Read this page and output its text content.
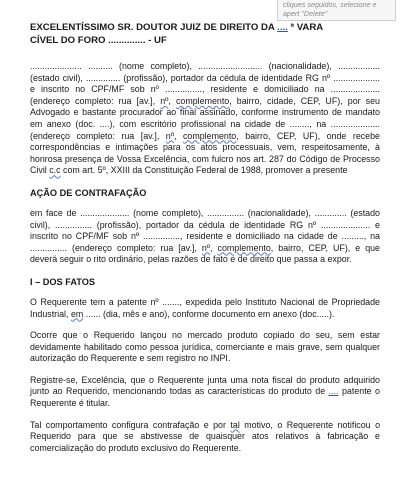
cliques seguidos, selecione e apert "Delete"
EXCELENTÍSSIMO SR. DOUTOR JUIZ DE DIREITO DA .... ª VARA CÍVEL DO FORO .............. - UF

..................... .......... (nome completo), .......................... (nacionalidade), ................. (estado civil), .............. (profissão), portador da cédula de identidade RG nº ................... e inscrito no CPF/MF sob nº ..............., residente e domiciliado na .................... (endereço completo: rua [av.], nº, complemento, bairro, cidade, CEP, UF), por seu Advogado e bastante procurador ao final assinado, conforme instrumento de mandato em anexo (doc. ....), com escritório profissional na cidade de ........, na .................... (endereço completo: rua [av.], nº, complemento, bairro, CEP, UF), onde recebe correspondências e intimações para os atos processuais, vem, respeitosamente, à honrosa presença de Vossa Excelência, com fulcro nos art. 287 do Código de Processo Civil c.c com art. 5º, XXIII da Constituição Federal de 1988, promover a presente

AÇÃO DE CONTRAFAÇÃO

em face de .................... (nome completo), ............... (nacionalidade), ............. (estado civil), ............... (profissão), portador da cédula de identidade RG nº .................... e inscrito no CPF/MF sob nº ..............., residente e domiciliado na cidade de ........., na ............... (endereço completo: rua [av.], nº, complemento, bairro, CEP, UF), e que deverá seguir o rito ordinário, pelas razões de fato e de direito que passa a expor.

I – DOS FATOS

O Requerente tem a patente nº ......., expedida pelo Instituto Nacional de Propriedade Industrial, em ...... (dia, mês e ano), conforme documento em anexo (doc.....).

Ocorre que o Requerido lançou no mercado produto copiado do seu, sem estar devidamente habilitado como pessoa jurídica, comerciante e mais grave, sem qualquer autorização do Requerente e sem registro no INPI.

Registre-se, Excelência, que o Requerente junta uma nota fiscal do produto adquirido junto ao Requerido, mencionando todas as características do produto de .... patente o Requerente é titular.

Tal comportamento configura contrafação e por tal motivo, o Requerente notificou o Requerido para que se abstivesse de quaisquer atos relativos à fabricação e comercialização do produto exclusivo do Requerente.
